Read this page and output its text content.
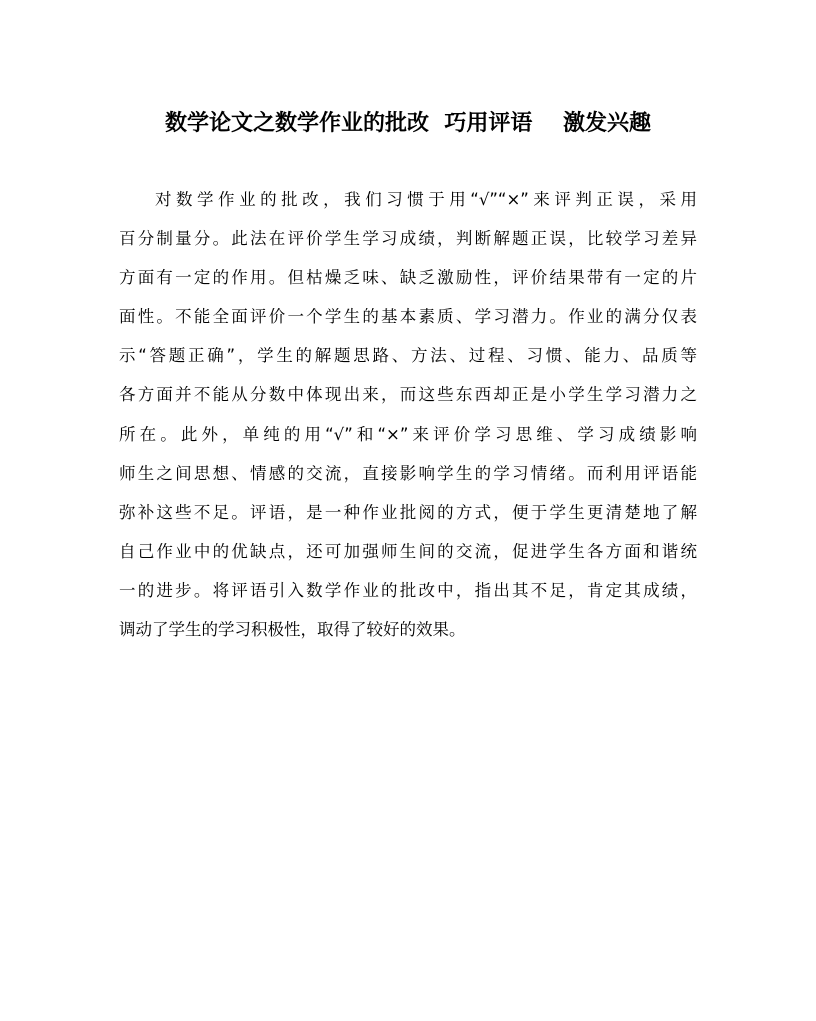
数学论文之数学作业的批改  巧用评语    激发兴趣
对数学作业的批改，我们习惯于用“√”“×”来评判正误，采用
百分制量分。此法在评价学生学习成绩，判断解题正误，比较学习差异
方面有一定的作用。但枯燥乏味、缺乏激励性，评价结果带有一定的片
面性。不能全面评价一个学生的基本素质、学习潜力。作业的满分仅表
示“答题正确”，学生的解题思路、方法、过程、习惯、能力、品质等
各方面并不能从分数中体现出来，而这些东西却正是小学生学习潜力之
所在。此外，单纯的用“√”和“×”来评价学习思维、学习成绩影响
师生之间思想、情感的交流，直接影响学生的学习情绪。而利用评语能
弥补这些不足。评语，是一种作业批阅的方式，便于学生更清楚地了解
自己作业中的优缺点，还可加强师生间的交流，促进学生各方面和谐统
一的进步。将评语引入数学作业的批改中，指出其不足，肯定其成绩，
调动了学生的学习积极性，取得了较好的效果。
